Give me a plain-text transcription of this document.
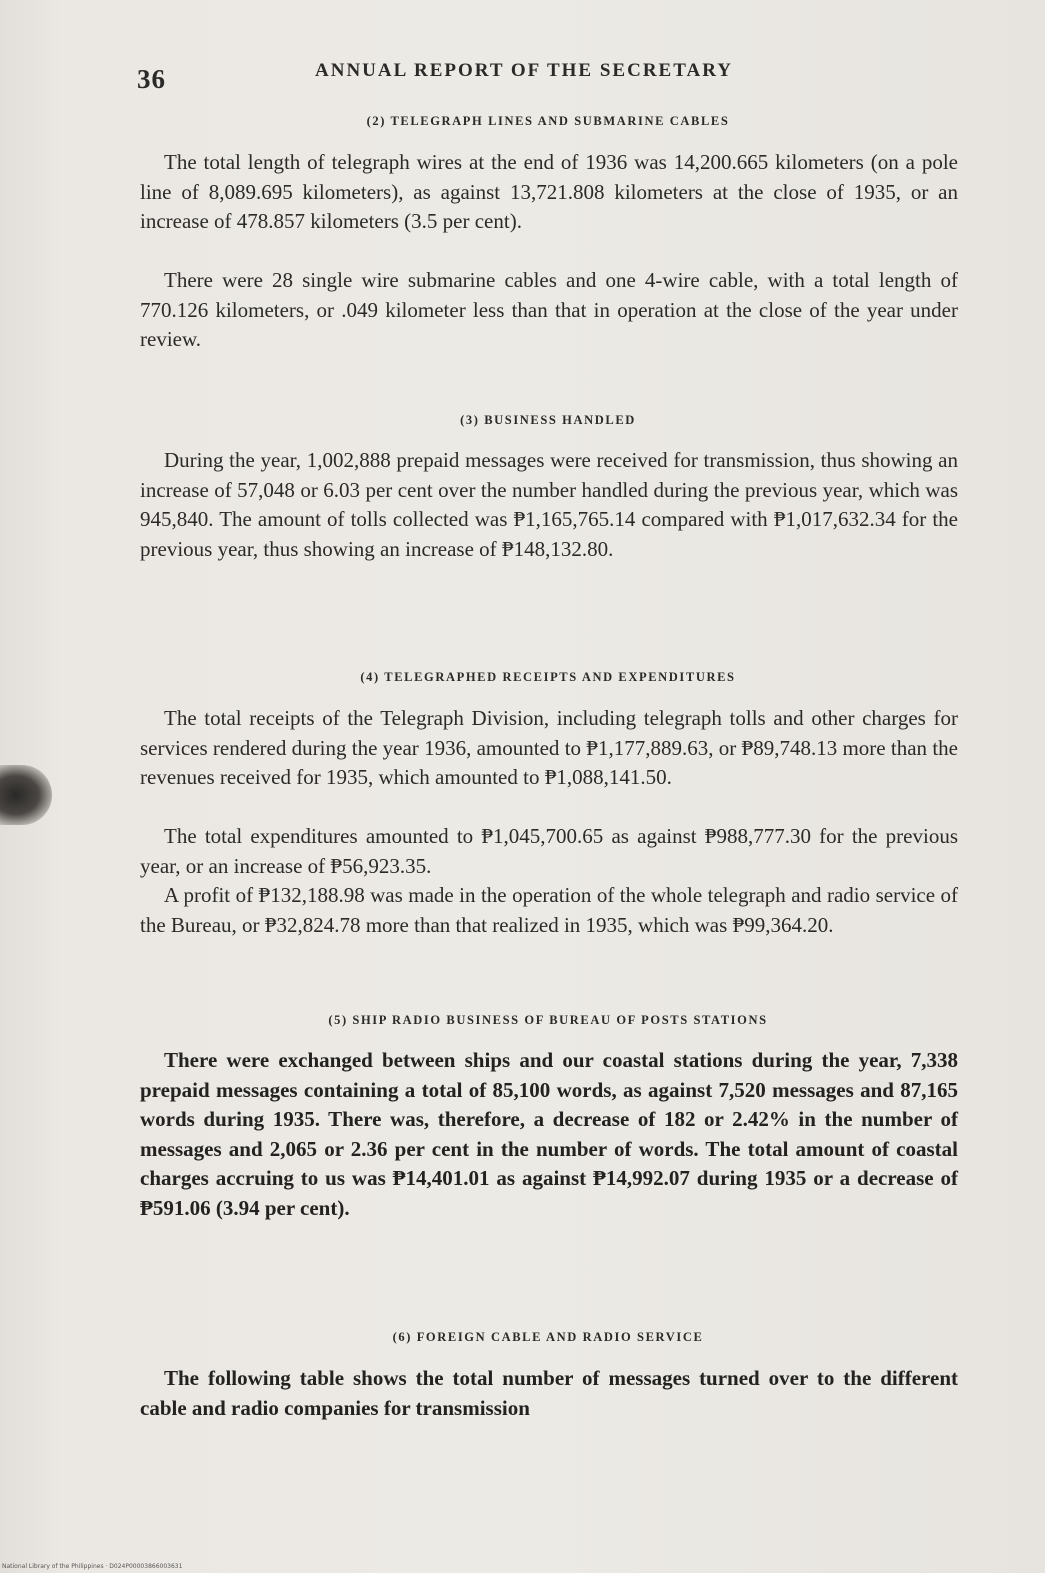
36	ANNUAL REPORT OF THE SECRETARY
(2) TELEGRAPH LINES AND SUBMARINE CABLES

The total length of telegraph wires at the end of 1936 was 14,200.665 kilometers (on a pole line of 8,089.695 kilometers), as against 13,721.808 kilometers at the close of 1935, or an increase of 478.857 kilometers (3.5 per cent).

There were 28 single wire submarine cables and one 4-wire cable, with a total length of 770.126 kilometers, or .049 kilometer less than that in operation at the close of the year under review.

(3) BUSINESS HANDLED

During the year, 1,002,888 prepaid messages were received for transmission, thus showing an increase of 57,048 or 6.03 per cent over the number handled during the previous year, which was 945,840. The amount of tolls collected was ₱1,165,765.14 compared with ₱1,017,632.34 for the previous year, thus showing an increase of ₱148,132.80.

(4) TELEGRAPHED RECEIPTS AND EXPENDITURES

The total receipts of the Telegraph Division, including telegraph tolls and other charges for services rendered during the year 1936, amounted to ₱1,177,889.63, or ₱89,748.13 more than the revenues received for 1935, which amounted to ₱1,088,141.50.

The total expenditures amounted to ₱1,045,700.65 as against ₱988,777.30 for the previous year, or an increase of ₱56,923.35.

A profit of ₱132,188.98 was made in the operation of the whole telegraph and radio service of the Bureau, or ₱32,824.78 more than that realized in 1935, which was ₱99,364.20.

(5) SHIP RADIO BUSINESS OF BUREAU OF POSTS STATIONS

There were exchanged between ships and our coastal stations during the year, 7,338 prepaid messages containing a total of 85,100 words, as against 7,520 messages and 87,165 words during 1935. There was, therefore, a decrease of 182 or 2.42% in the number of messages and 2,065 or 2.36 per cent in the number of words. The total amount of coastal charges accruing to us was ₱14,401.01 as against ₱14,992.07 during 1935 or a decrease of ₱591.06 (3.94 per cent).

(6) FOREIGN CABLE AND RADIO SERVICE

The following table shows the total number of messages turned over to the different cable and radio companies for transmission

National Library of the Philippines · D024P00003866003631
